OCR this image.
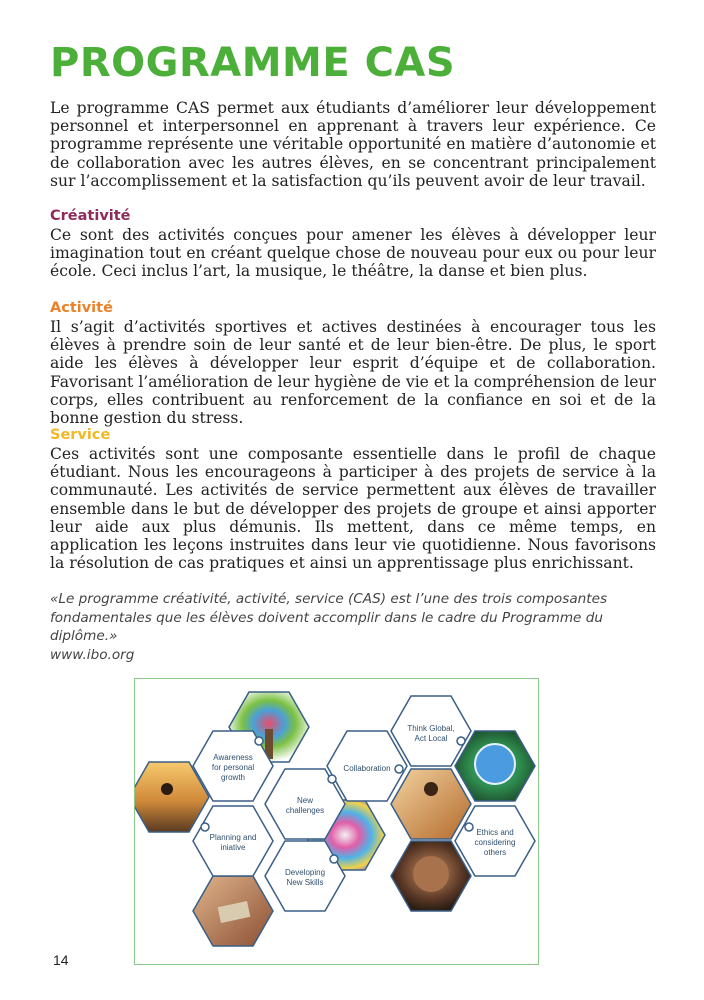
PROGRAMME CAS

Le programme CAS permet aux étudiants d’améliorer leur développement personnel et interpersonnel en apprenant à travers leur expérience. Ce programme représente une véritable opportunité en matière d’autonomie et de collaboration avec les autres élèves, en se concentrant principalement sur l’accomplissement et la satisfaction qu’ils peuvent avoir de leur travail.

Créativité

Ce sont des activités conçues pour amener les élèves à développer leur imagination tout en créant quelque chose de nouveau pour eux ou pour leur école. Ceci inclus l’art, la musique, le théâtre, la danse et bien plus.

Activité

Il s’agit d’activités sportives et actives destinées à encourager tous les élèves à prendre soin de leur santé et de leur bien-être. De plus, le sport aide les élèves à développer leur esprit d’équipe et de collaboration. Favorisant l’amélioration de leur hygiène de vie et la compréhension de leur corps, elles contribuent au renforcement de la confiance en soi et de la bonne gestion du stress.

Service

Ces activités sont une composante essentielle dans le profil de chaque étudiant. Nous les encourageons à participer à des projets de service à la communauté. Les activités de service permettent aux élèves de travailler ensemble dans le but de développer des projets de groupe et ainsi apporter leur aide aux plus démunis. Ils mettent, dans ce même temps, en application les leçons instruites dans leur vie quotidienne. Nous favorisons la résolution de cas pratiques et ainsi un apprentissage plus enrichissant.

«Le programme créativité, activité, service (CAS) est l’une des trois composantes fondamentales que les élèves doivent accomplir dans le cadre du Programme du diplôme.»
www.ibo.org
Awareness
for personal
growth
New
challenges
Planning and
iniative
Developing
New Skills
Collaboration
Think Global,
Act Local
Ethics and
considering
others
14
